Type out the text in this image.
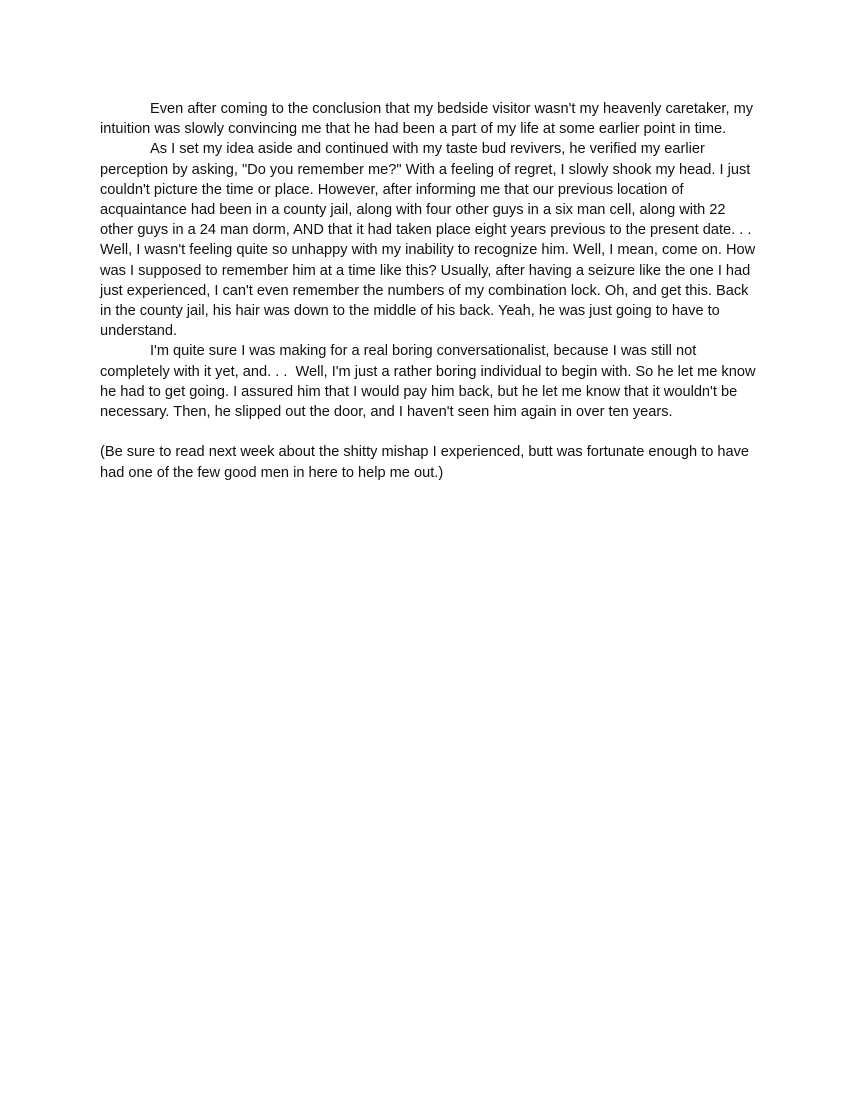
Even after coming to the conclusion that my bedside visitor wasn't my heavenly caretaker, my intuition was slowly convincing me that he had been a part of my life at some earlier point in time.

As I set my idea aside and continued with my taste bud revivers, he verified my earlier perception by asking, "Do you remember me?" With a feeling of regret, I slowly shook my head. I just couldn't picture the time or place. However, after informing me that our previous location of acquaintance had been in a county jail, along with four other guys in a six man cell, along with 22 other guys in a 24 man dorm, AND that it had taken place eight years previous to the present date. . .  Well, I wasn't feeling quite so unhappy with my inability to recognize him. Well, I mean, come on. How was I supposed to remember him at a time like this? Usually, after having a seizure like the one I had just experienced, I can't even remember the numbers of my combination lock. Oh, and get this. Back in the county jail, his hair was down to the middle of his back. Yeah, he was just going to have to understand.

I'm quite sure I was making for a real boring conversationalist, because I was still not completely with it yet, and. . .  Well, I'm just a rather boring individual to begin with. So he let me know he had to get going. I assured him that I would pay him back, but he let me know that it wouldn't be necessary. Then, he slipped out the door, and I haven't seen him again in over ten years.

(Be sure to read next week about the shitty mishap I experienced, butt was fortunate enough to have had one of the few good men in here to help me out.)
